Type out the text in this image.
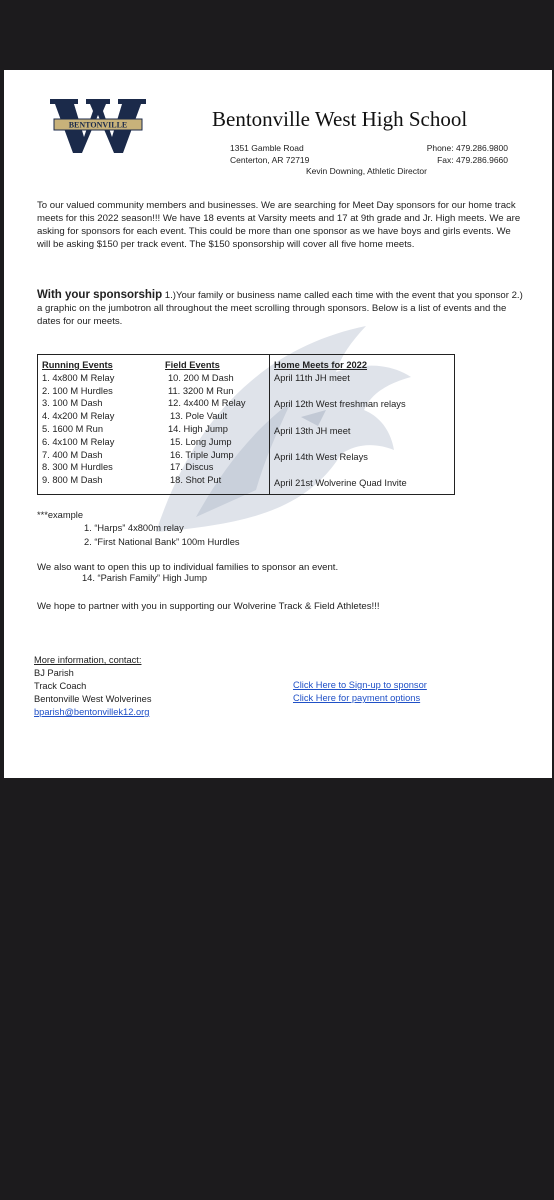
BENTONVILLE	Bentonville West High School
1351 Gamble Road
Centerton, AR 72719
Phone: 479.286.9800
Fax: 479.286.9660
Kevin Downing, Athletic Director
To our valued community members and businesses. We are searching for Meet Day sponsors for our home track meets for this 2022 season!!! We have 18 events at Varsity meets and 17 at 9th grade and Jr. High meets. We are asking for sponsors for each event. This could be more than one sponsor as we have boys and girls events. We will be asking $150 per track event. The $150 sponsorship will cover all five home meets.
With your sponsorship 1.)Your family or business name called each time with the event that you sponsor 2.) a graphic on the jumbotron all throughout the meet scrolling through sponsors. Below is a list of events and the dates for our meets.
Running Events
1. 4x800 M Relay
2. 100 M Hurdles
3. 100 M Dash
4. 4x200 M Relay
5. 1600 M Run
6. 4x100 M Relay
7. 400 M Dash
8. 300 M Hurdles
9. 800 M Dash
Field Events
10. 200 M Dash
11. 3200 M Run
12. 4x400 M Relay
13. Pole Vault
14. High Jump
15. Long Jump
16. Triple Jump
17. Discus
18. Shot Put
Home Meets for 2022
April 11th JH meet
April 12th West freshman relays
April 13th JH meet
April 14th West Relays
April 21st Wolverine Quad Invite
***example
1. “Harps” 4x800m relay
2. “First National Bank” 100m Hurdles
We also want to open this up to individual families to sponsor an event.
14. “Parish Family” High Jump
We hope to partner with you in supporting our Wolverine Track & Field Athletes!!!
More information, contact:
BJ Parish
Track Coach
Bentonville West Wolverines
bparish@bentonvillek12.org
Click Here to Sign-up to sponsor
Click Here for payment options
